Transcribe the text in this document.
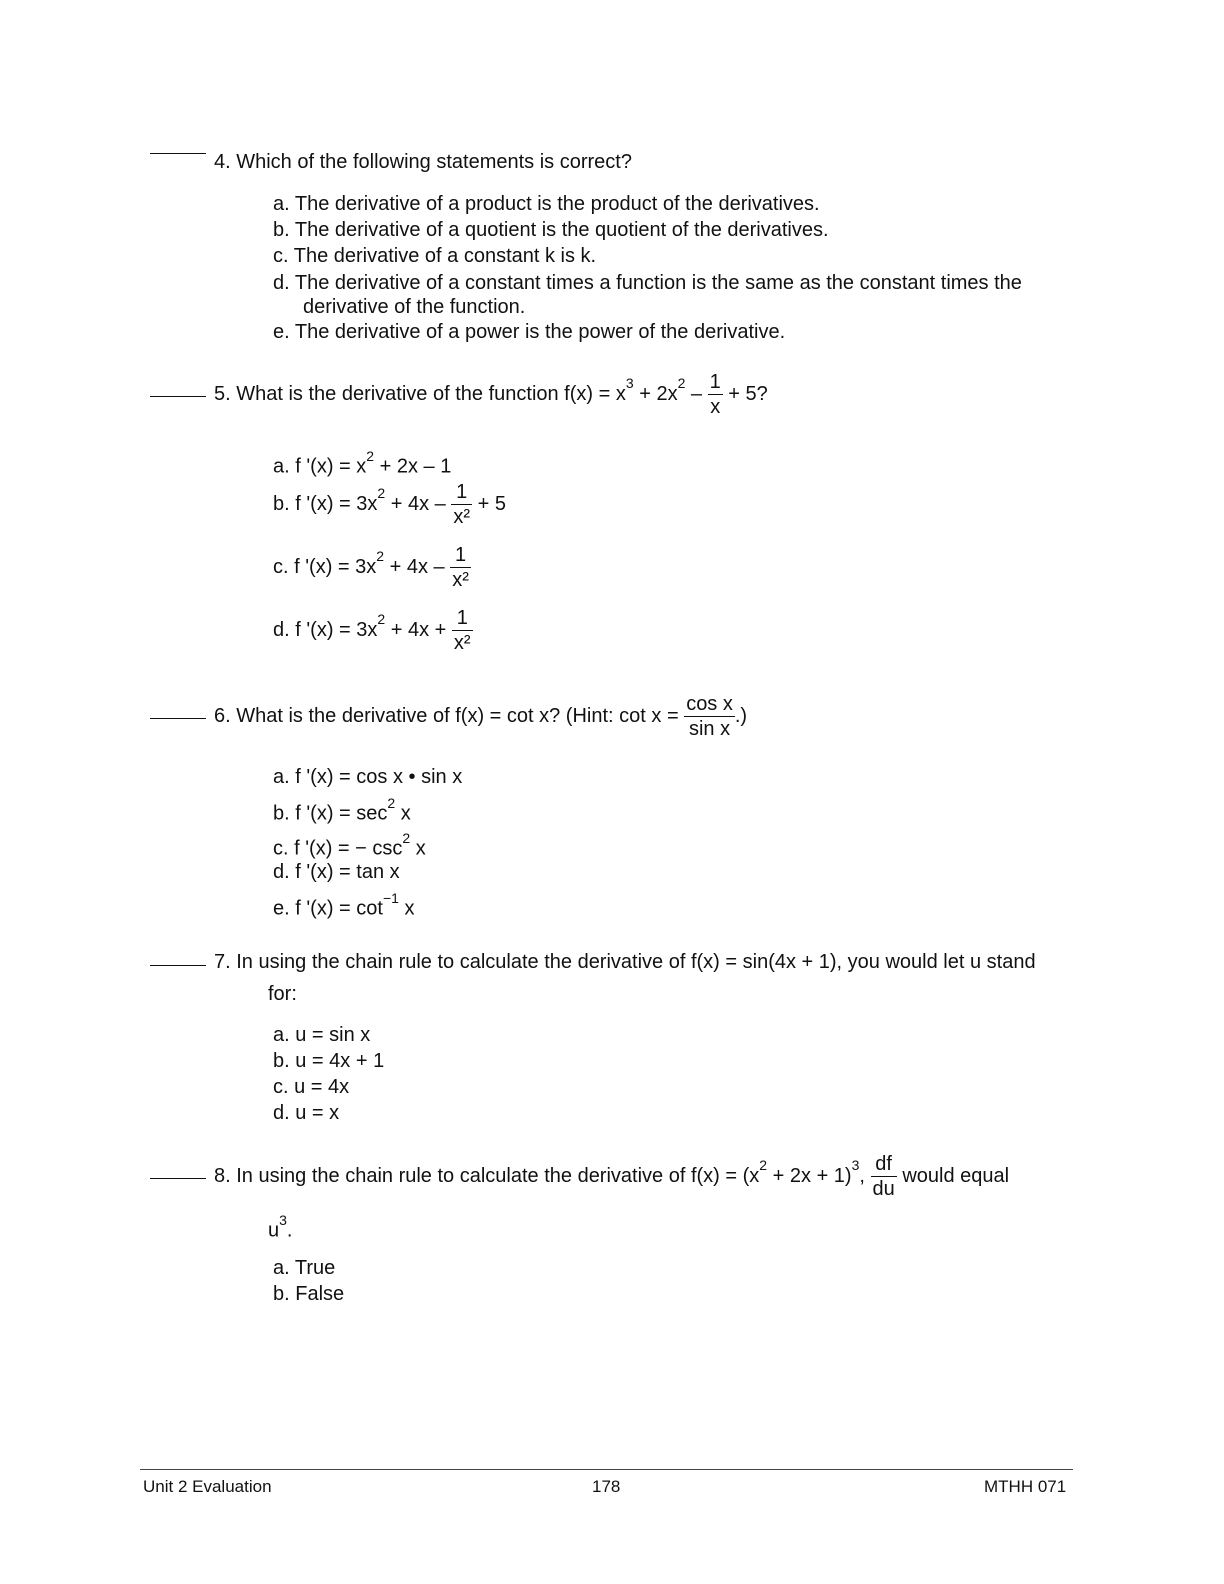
4. Which of the following statements is correct?
a. The derivative of a product is the product of the derivatives.
b. The derivative of a quotient is the quotient of the derivatives.
c. The derivative of a constant k is k.
d. The derivative of a constant times a function is the same as the constant times the
derivative of the function.
e. The derivative of a power is the power of the derivative.
5. What is the derivative of the function $f(x) = x^3 + 2x^2 - \frac{1}{x} + 5$?
a. f '$(x) = x^2 + 2x - 1$
b. f '$(x) = 3x^2 + 4x - \frac{1}{\text{x²}} + 5$
c. f '$(x) = 3x^2 + 4x - \frac{1}{\text{x²}}$
d. f '$(x) = 3x^2 + 4x + \frac{1}{\text{x²}}$
6. What is the derivative of f(x) = cot x? (Hint: $\cot x = \frac{\text{cos x}}{\text{sin x}}$ .)
a. f '(x) = cos x • sin x
b. f '$(x) = \sec^2 x$
c. f '(x) = − $\csc^2 x$
d. f '(x) = tan x
e. f '$(x) = \cot^{-1} x$
7. In using the chain rule to calculate the derivative of f(x) = sin(4x + 1), you would let u stand
for:
a. u = sin x
b. u = 4x + 1
c. u = 4x
d. u = x
8. In using the chain rule to calculate the derivative of $f(x) = (x^2 + 2x + 1)^3$, $\frac{df}{du}$ would equal
$u^3$.
a. True
b. False
Unit 2 Evaluation	178	MTHH 071
